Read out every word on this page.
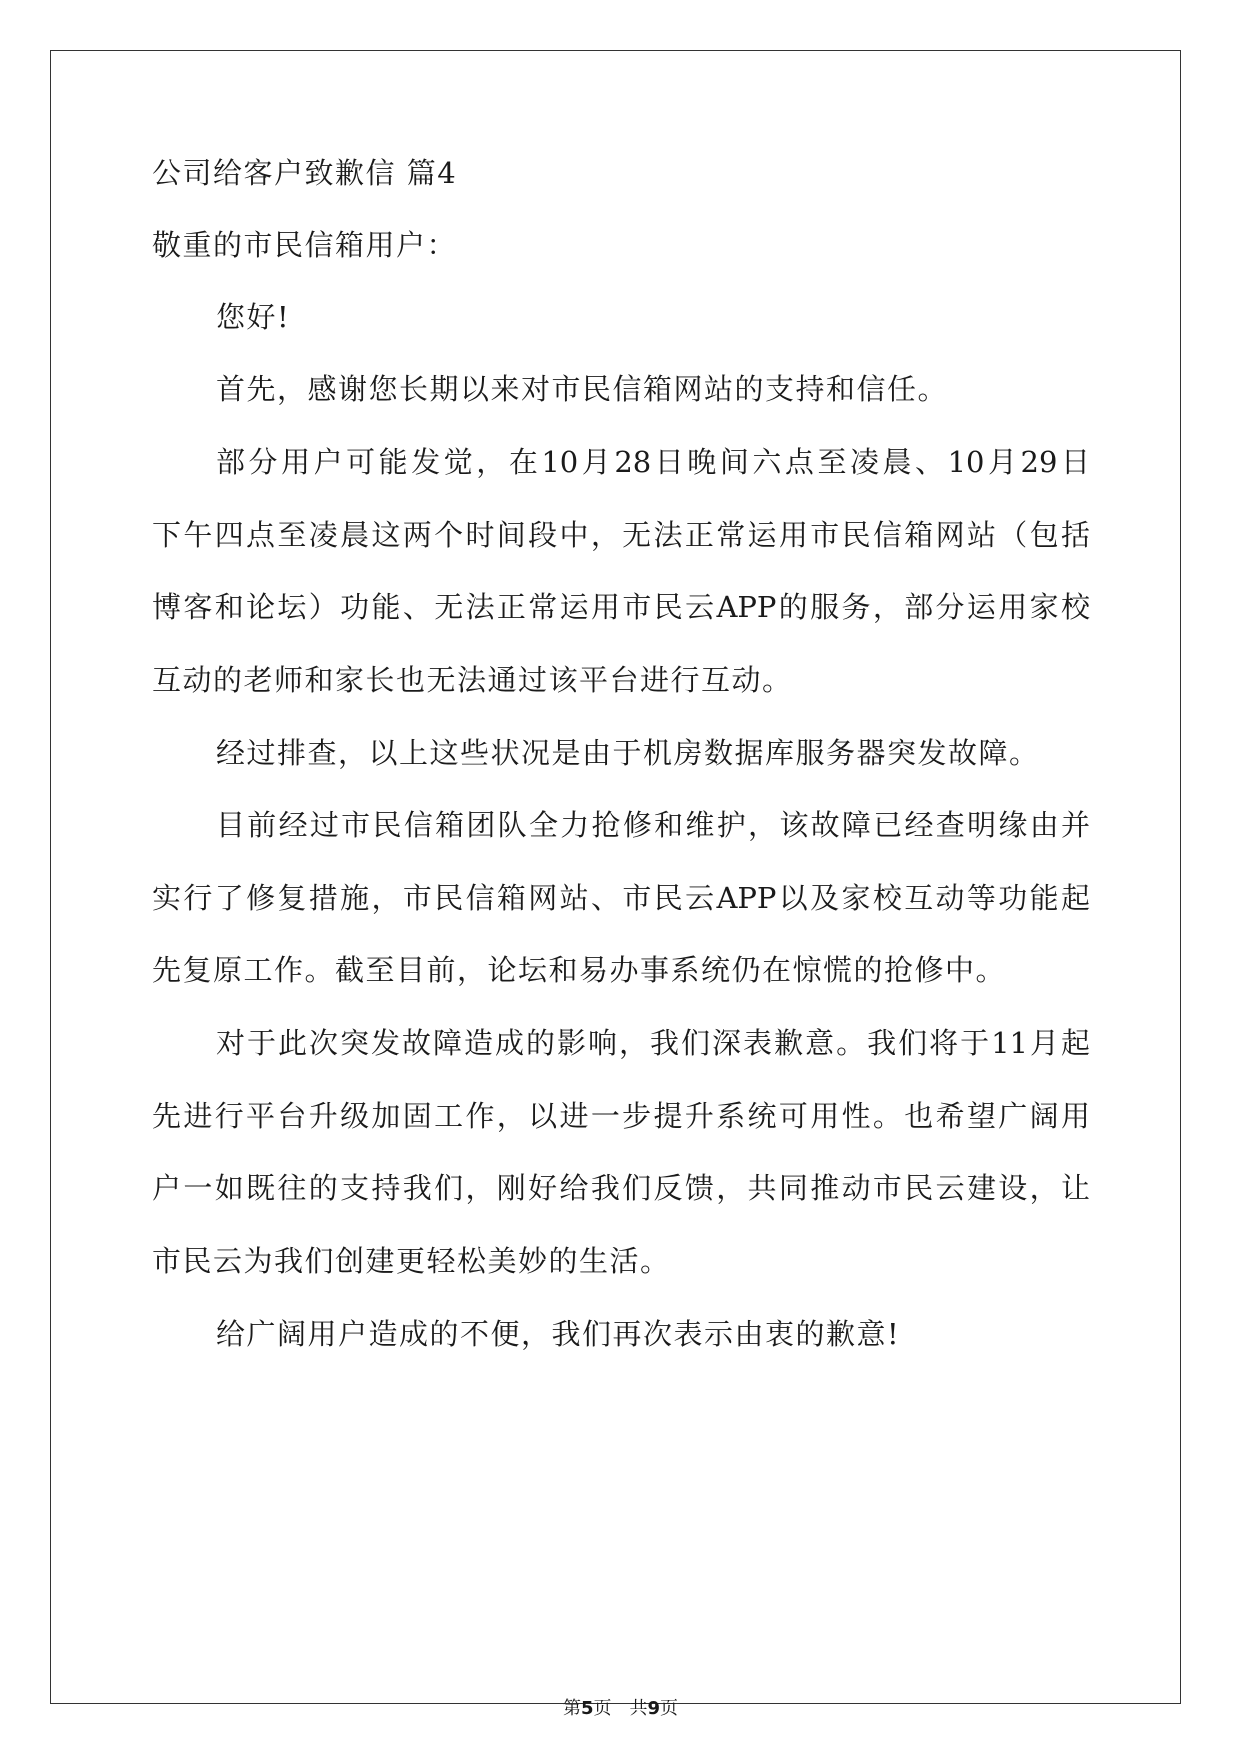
公司给客户致歉信 篇4
敬重的市民信箱用户：
您好!
首先，感谢您长期以来对市民信箱网站的支持和信任。
部分用户可能发觉，在10月28日晚间六点至凌晨、10月29日
下午四点至凌晨这两个时间段中，无法正常运用市民信箱网站（包括
博客和论坛）功能、无法正常运用市民云APP的服务，部分运用家校
互动的老师和家长也无法通过该平台进行互动。
经过排查，以上这些状况是由于机房数据库服务器突发故障。
目前经过市民信箱团队全力抢修和维护，该故障已经查明缘由并
实行了修复措施，市民信箱网站、市民云APP以及家校互动等功能起
先复原工作。截至目前，论坛和易办事系统仍在惊慌的抢修中。
对于此次突发故障造成的影响，我们深表歉意。我们将于11月起
先进行平台升级加固工作，以进一步提升系统可用性。也希望广阔用
户一如既往的支持我们，刚好给我们反馈，共同推动市民云建设，让
市民云为我们创建更轻松美妙的生活。
给广阔用户造成的不便，我们再次表示由衷的歉意!
第5页　共9页
